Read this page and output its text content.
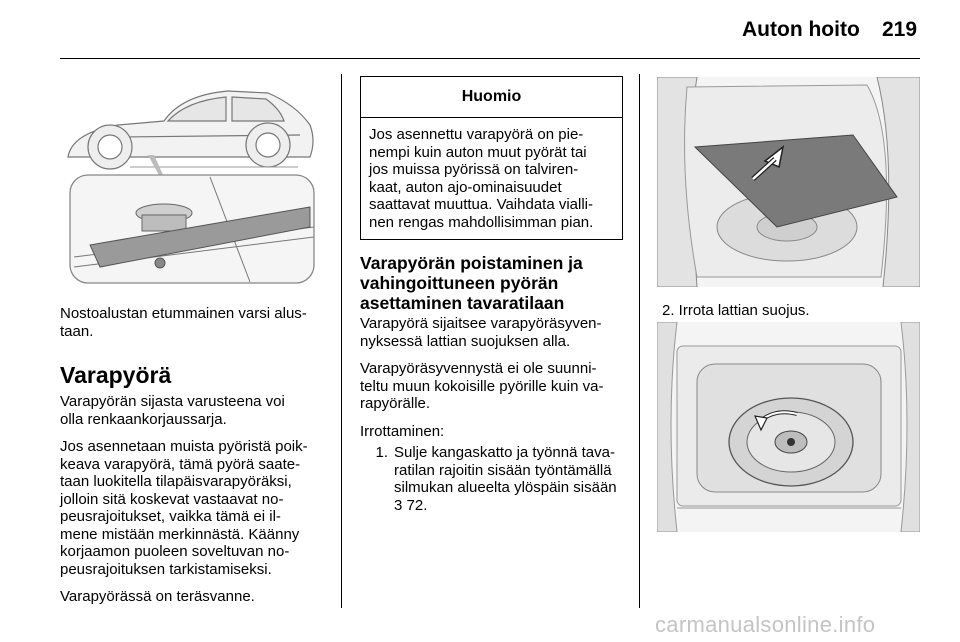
Auton hoito 219

Nostoalustan etummainen varsi alus-
taan.

Varapyörä

Varapyörän sijasta varusteena voi
olla renkaankorjaussarja.

Jos asennetaan muista pyöristä poik-
keava varapyörä, tämä pyörä saate-
taan luokitella tilapäisvarapyöräksi,
jolloin sitä koskevat vastaavat no-
peusrajoitukset, vaikka tämä ei il-
mene mistään merkinnästä. Käänny
korjaamon puoleen soveltuvan no-
peusrajoituksen tarkistamiseksi.

Varapyörässä on teräsvanne.

Huomio
Jos asennettu varapyörä on pie-
nempi kuin auton muut pyörät tai
jos muissa pyörissä on talviren-
kaat, auton ajo-ominaisuudet
saattavat muuttua. Vaihdata vialli-
nen rengas mahdollisimman pian.
Varapyörän poistaminen ja
vahingoittuneen pyörän
asettaminen tavaratilaan

Varapyörä sijaitsee varapyöräsyven-
nyksessä lattian suojuksen alla.

Varapyöräsyvennystä ei ole suunni-
teltu muun kokoisille pyörille kuin va-
rapyörälle.

Irrottaminen:

1. Sulje kangaskatto ja työnnä tava-
ratilan rajoitin sisään työntämällä
silmukan alueelta ylöspäin sisään
3 72.

2. Irrota lattian suojus.

carmanualsonline.info
